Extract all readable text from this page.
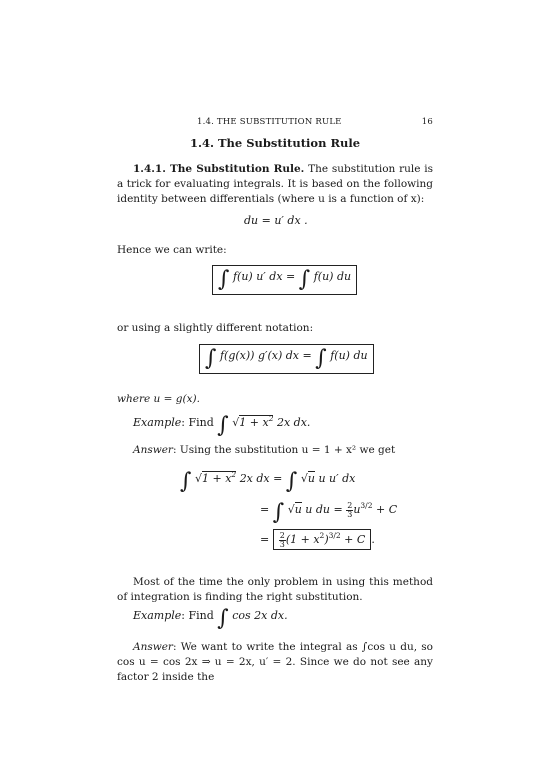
1.4. THE SUBSTITUTION RULE	16
1.4. The Substitution Rule
1.4.1. The Substitution Rule. The substitution rule is a trick for evaluating integrals. It is based on the following identity between differentials (where u is a function of x):
du = u′ dx .
Hence we can write:
∫ f(u) u′ dx = ∫ f(u) du
or using a slightly different notation:
∫ f(g(x)) g′(x) dx = ∫ f(u) du
where u = g(x).
Example: Find ∫ $√1 + x^2$ 2x dx.
Answer: Using the substitution u = 1 + x² we get
∫ $√1 + x^2$ 2x dx = ∫ √u u u′ dx
= ∫ √u u du = $\frac{2}{3} u^{3/2} + C$
= $\frac{2}{3} (1 + x^2)^{3/2} + C$ .
Most of the time the only problem in using this method of integration is finding the right substitution.
Example: Find ∫ cos 2x dx.
Answer: We want to write the integral as ∫cos u du, so cos u = cos 2x ⇒ u = 2x, u′ = 2. Since we do not see any factor 2 inside the
